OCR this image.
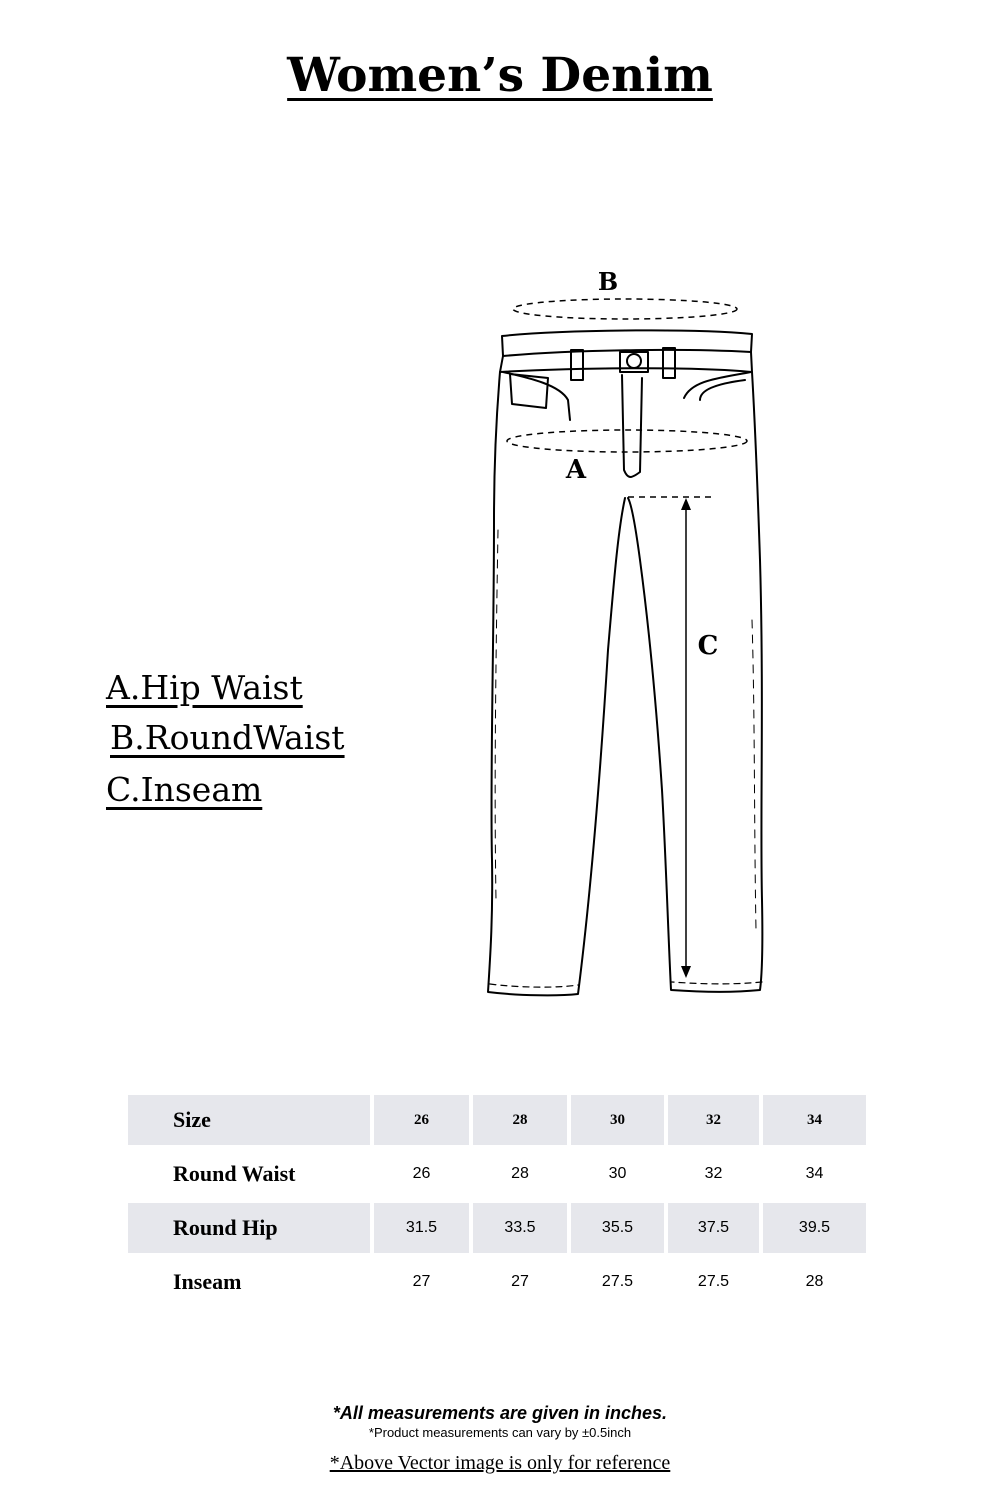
Women’s Denim
B
A
C
A.Hip Waist
B.RoundWaist
C.Inseam
Size	26	28	30	32	34
Round Waist	26	28	30	32	34
Round Hip	31.5	33.5	35.5	37.5	39.5
Inseam	27	27	27.5	27.5	28
*All measurements are given in inches.
*Product measurements can vary by ±0.5inch
*Above Vector image is only for reference
